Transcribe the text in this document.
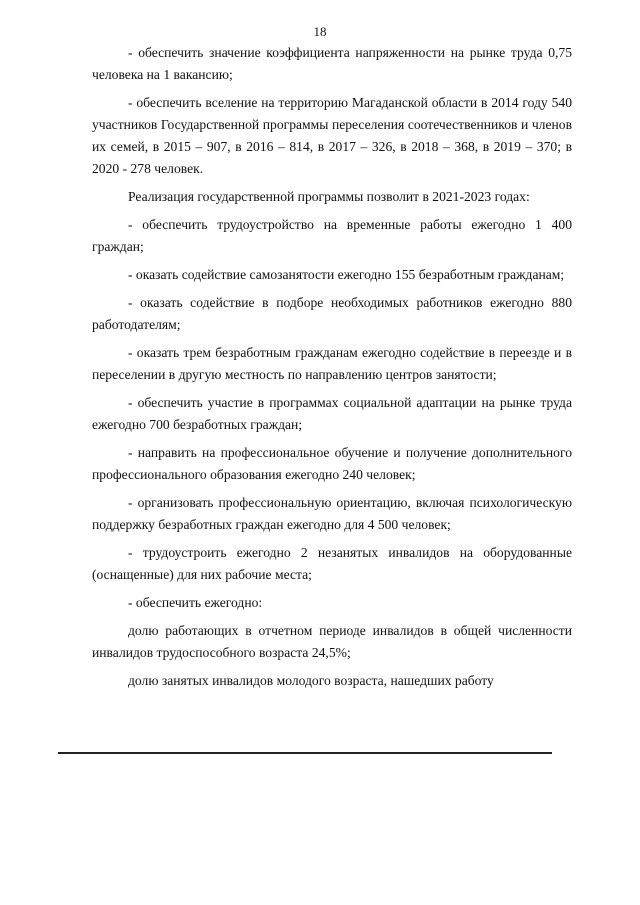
18

- обеспечить значение коэффициента напряженности на рынке труда 0,75 человека на 1 вакансию;

- обеспечить вселение на территорию Магаданской области в 2014 году 540 участников Государственной программы переселения соотечественников и членов их семей, в 2015 – 907, в 2016 – 814, в 2017 – 326, в 2018 – 368, в 2019 – 370; в 2020 - 278 человек.

Реализация государственной программы позволит в 2021-2023 годах:

- обеспечить трудоустройство на временные работы ежегодно 1 400 граждан;

- оказать содействие самозанятости ежегодно 155 безработным гражданам;

- оказать содействие в подборе необходимых работников ежегодно 880 работодателям;

- оказать трем безработным гражданам ежегодно содействие в переезде и в переселении в другую местность по направлению центров занятости;

- обеспечить участие в программах социальной адаптации на рынке труда ежегодно 700 безработных граждан;

- направить на профессиональное обучение и получение дополнительного профессионального образования ежегодно 240 человек;

- организовать профессиональную ориентацию, включая психологическую поддержку безработных граждан ежегодно для 4 500 человек;

- трудоустроить ежегодно 2 незанятых инвалидов на оборудованные (оснащенные) для них рабочие места;

- обеспечить ежегодно:

долю работающих в отчетном периоде инвалидов в общей численности инвалидов трудоспособного возраста 24,5%;

долю занятых инвалидов молодого возраста, нашедших работу
